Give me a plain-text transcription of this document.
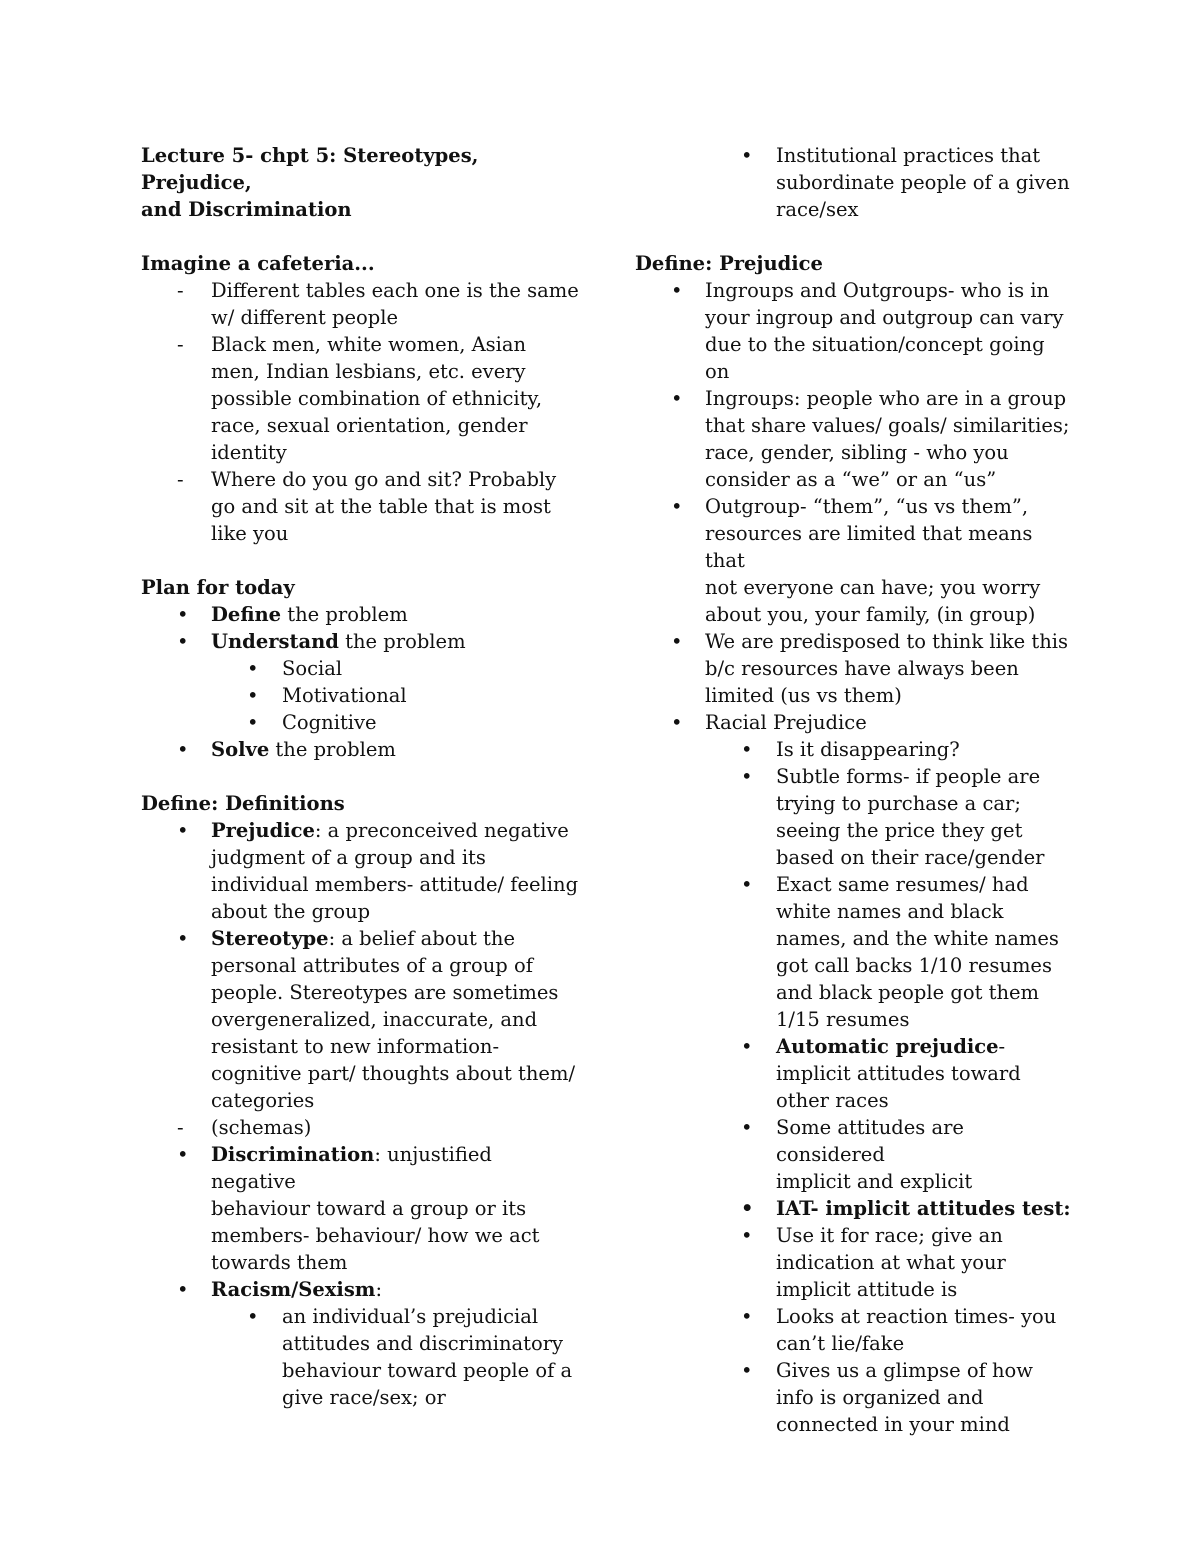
Lecture 5- chpt 5: Stereotypes, Prejudice,
and Discrimination
Imagine a cafeteria...
- Different tables each one is the same
w/ different people
- Black men, white women, Asian
men, Indian lesbians, etc. every
possible combination of ethnicity,
race, sexual orientation, gender
identity
- Where do you go and sit? Probably
go and sit at the table that is most
like you
Plan for today
• Define the problem
• Understand the problem
• Social
• Motivational
• Cognitive
• Solve the problem
Define: Definitions
• Prejudice: a preconceived negative
judgment of a group and its
individual members- attitude/ feeling
about the group
• Stereotype: a belief about the
personal attributes of a group of
people. Stereotypes are sometimes
overgeneralized, inaccurate, and
resistant to new information-
cognitive part/ thoughts about them/
categories
- (schemas)
• Discrimination: unjustified negative
behaviour toward a group or its
members- behaviour/ how we act
towards them
• Racism/Sexism:
• an individual’s prejudicial
attitudes and discriminatory
behaviour toward people of a
give race/sex; or
• Institutional practices that
subordinate people of a given
race/sex
Define: Prejudice
• Ingroups and Outgroups- who is in
your ingroup and outgroup can vary
due to the situation/concept going on
• Ingroups: people who are in a group
that share values/ goals/ similarities;
race, gender, sibling - who you
consider as a “we” or an “us”
• Outgroup- “them”, “us vs them”,
resources are limited that means that
not everyone can have; you worry
about you, your family, (in group)
• We are predisposed to think like this
b/c resources have always been
limited (us vs them)
• Racial Prejudice
• Is it disappearing?
• Subtle forms- if people are
trying to purchase a car;
seeing the price they get
based on their race/gender
• Exact same resumes/ had
white names and black
names, and the white names
got call backs 1/10 resumes
and black people got them
1/15 resumes
• Automatic prejudice-
implicit attitudes toward
other races
• Some attitudes are considered
implicit and explicit
• IAT- implicit attitudes test:
• Use it for race; give an
indication at what your
implicit attitude is
• Looks at reaction times- you
can’t lie/fake
• Gives us a glimpse of how
info is organized and
connected in your mind
